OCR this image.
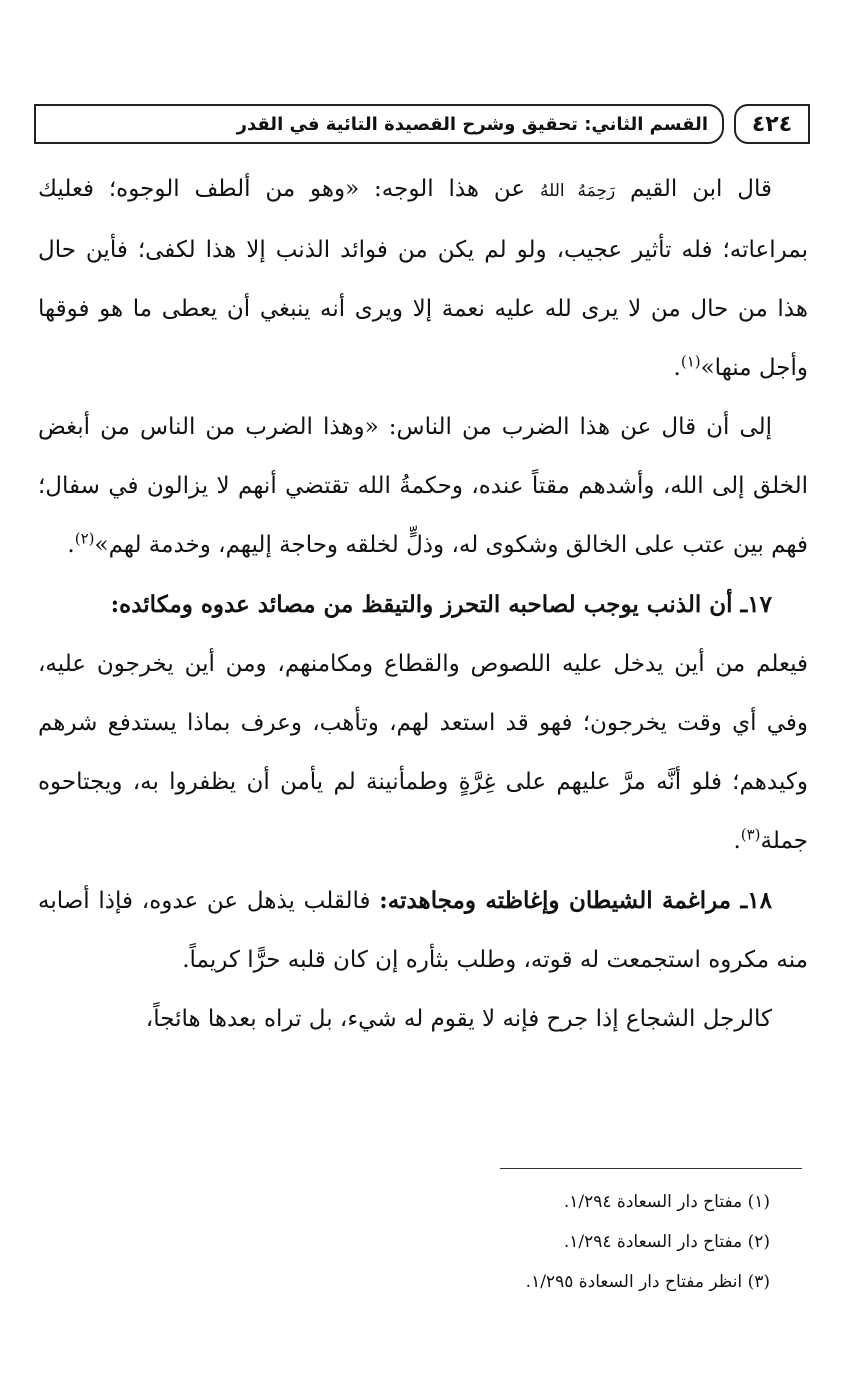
القسم الثاني: تحقيق وشرح القصيدة التائية في القدر ٤٢٤

قال ابن القيم رَحِمَهُ اللهُ عن هذا الوجه: «وهو من ألطف الوجوه؛ فعليك بمراعاته؛ فله تأثير عجيب، ولو لم يكن من فوائد الذنب إلا هذا لكفى؛ فأين حال هذا من حال من لا يرى لله عليه نعمة إلا ويرى أنه ينبغي أن يعطى ما هو فوقها وأجل منها»$^{(١)}$.

إلى أن قال عن هذا الضرب من الناس: «وهذا الضرب من الناس من أبغض الخلق إلى الله، وأشدهم مقتاً عنده، وحكمةُ الله تقتضي أنهم لا يزالون في سفال؛ فهم بين عتب على الخالق وشكوى له، وذلٍّ لخلقه وحاجة إليهم، وخدمة لهم»$^{(٢)}$.

١٧ـ أن الذنب يوجب لصاحبه التحرز والتيقظ من مصائد عدوه ومكائده:

فيعلم من أين يدخل عليه اللصوص والقطاع ومكامنهم، ومن أين يخرجون عليه، وفي أي وقت يخرجون؛ فهو قد استعد لهم، وتأهب، وعرف بماذا يستدفع شرهم وكيدهم؛ فلو أنَّه مرَّ عليهم على غِرَّةٍ وطمأنينة لم يأمن أن يظفروا به، ويجتاحوه جملة$^{(٣)}$.

١٨ـ مراغمة الشيطان وإغاظته ومجاهدته: فالقلب يذهل عن عدوه، فإذا أصابه منه مكروه استجمعت له قوته، وطلب بثأره إن كان قلبه حرًّا كريماً.

كالرجل الشجاع إذا جرح فإنه لا يقوم له شيء، بل تراه بعدها هائجاً،

(١) مفتاح دار السعادة ١/٢٩٤.

(٢) مفتاح دار السعادة ١/٢٩٤.

(٣) انظر مفتاح دار السعادة ١/٢٩٥.
